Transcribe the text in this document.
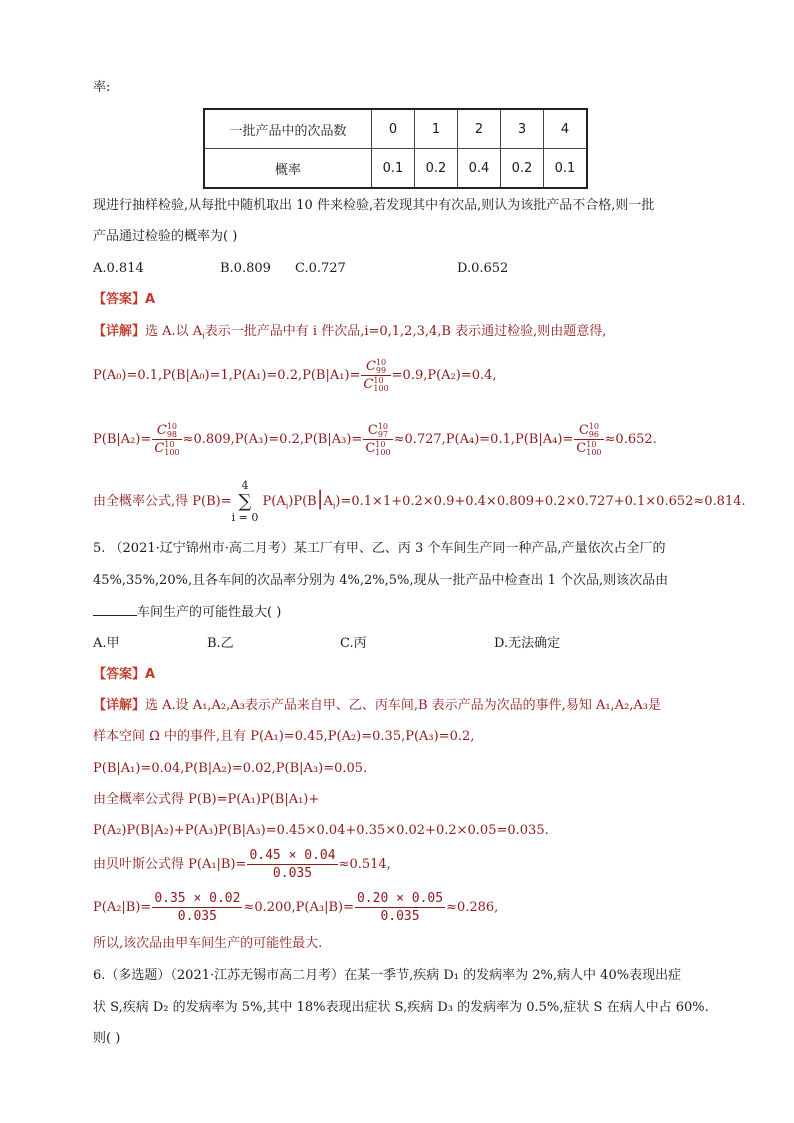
率:
一批产品中的次品数	0	1	2	3	4
概率	0.1	0.2	0.4	0.2	0.1
现进行抽样检验,从每批中随机取出 10 件来检验,若发现其中有次品,则认为该批产品不合格,则一批
产品通过检验的概率为( )
A.0.814	B.0.809 C.0.727	D.0.652
【答案】A
【详解】选 A.以 $A_i$表示一批产品中有 i 件次品,i=0,1,2,3,4,B 表示通过检验,则由题意得,
P(A₀)=0.1,P(B|A₀)=1,P(A₁)=0.2,P(B|A₁)= C 10
99
C 10
100 =0.9,P(A₂)=0.4,
P(B|A₂)= C 10
98
C 10
100 ≈0.809,P(A₃)=0.2,P(B|A₃)= C 10
97
C 10
100 ≈0.727,P(A₄)=0.1,P(B|A₄)= C 10
96
C 10
100 ≈0.652.
由全概率公式,得 P(B)=
4
∑
i = 0
$P(A_i)P(B|A_i)=0.1\times 1+0.2\times 0.9+0.4\times 0.809+0.2\times 0.727+0.1\times 0.652\approx 0.814$.
5. （2021·辽宁锦州市·高二月考）某工厂有甲、乙、丙 3 个车间生产同一种产品,产量依次占全厂的
45%,35%,20%,且各车间的次品率分别为 4%,2%,5%,现从一批产品中检查出 1 个次品,则该次品由
车间生产的可能性最大( )
A.甲	B.乙	C.丙	D.无法确定
【答案】A
【详解】选 A.设 A₁,A₂,A₃表示产品来自甲、乙、丙车间,B 表示产品为次品的事件,易知 A₁,A₂,A₃是
样本空间 Ω 中的事件,且有 P(A₁)=0.45,P(A₂)=0.35,P(A₃)=0.2,
P(B|A₁)=0.04,P(B|A₂)=0.02,P(B|A₃)=0.05.
由全概率公式得 P(B)=P(A₁)P(B|A₁)+
P(A₂)P(B|A₂)+P(A₃)P(B|A₃)=0.45×0.04+0.35×0.02+0.2×0.05=0.035.
由贝叶斯公式得 $P(A_1|B)= \frac{0.45 \times 0.04}{0.035} \approx 0.514$,
$P(A_2|B)= \frac{0.35 \times 0.02}{0.035} \approx 0.200,P(A_3|B)= \frac{0.20 \times 0.05}{0.035} \approx 0.286$,
所以,该次品由甲车间生产的可能性最大.
6.（多选题）（2021·江苏无锡市高二月考）在某一季节,疾病 D₁ 的发病率为 2%,病人中 40%表现出症
状 S,疾病 D₂ 的发病率为 5%,其中 18%表现出症状 S,疾病 D₃ 的发病率为 0.5%,症状 S 在病人中占 60%.
则( )
